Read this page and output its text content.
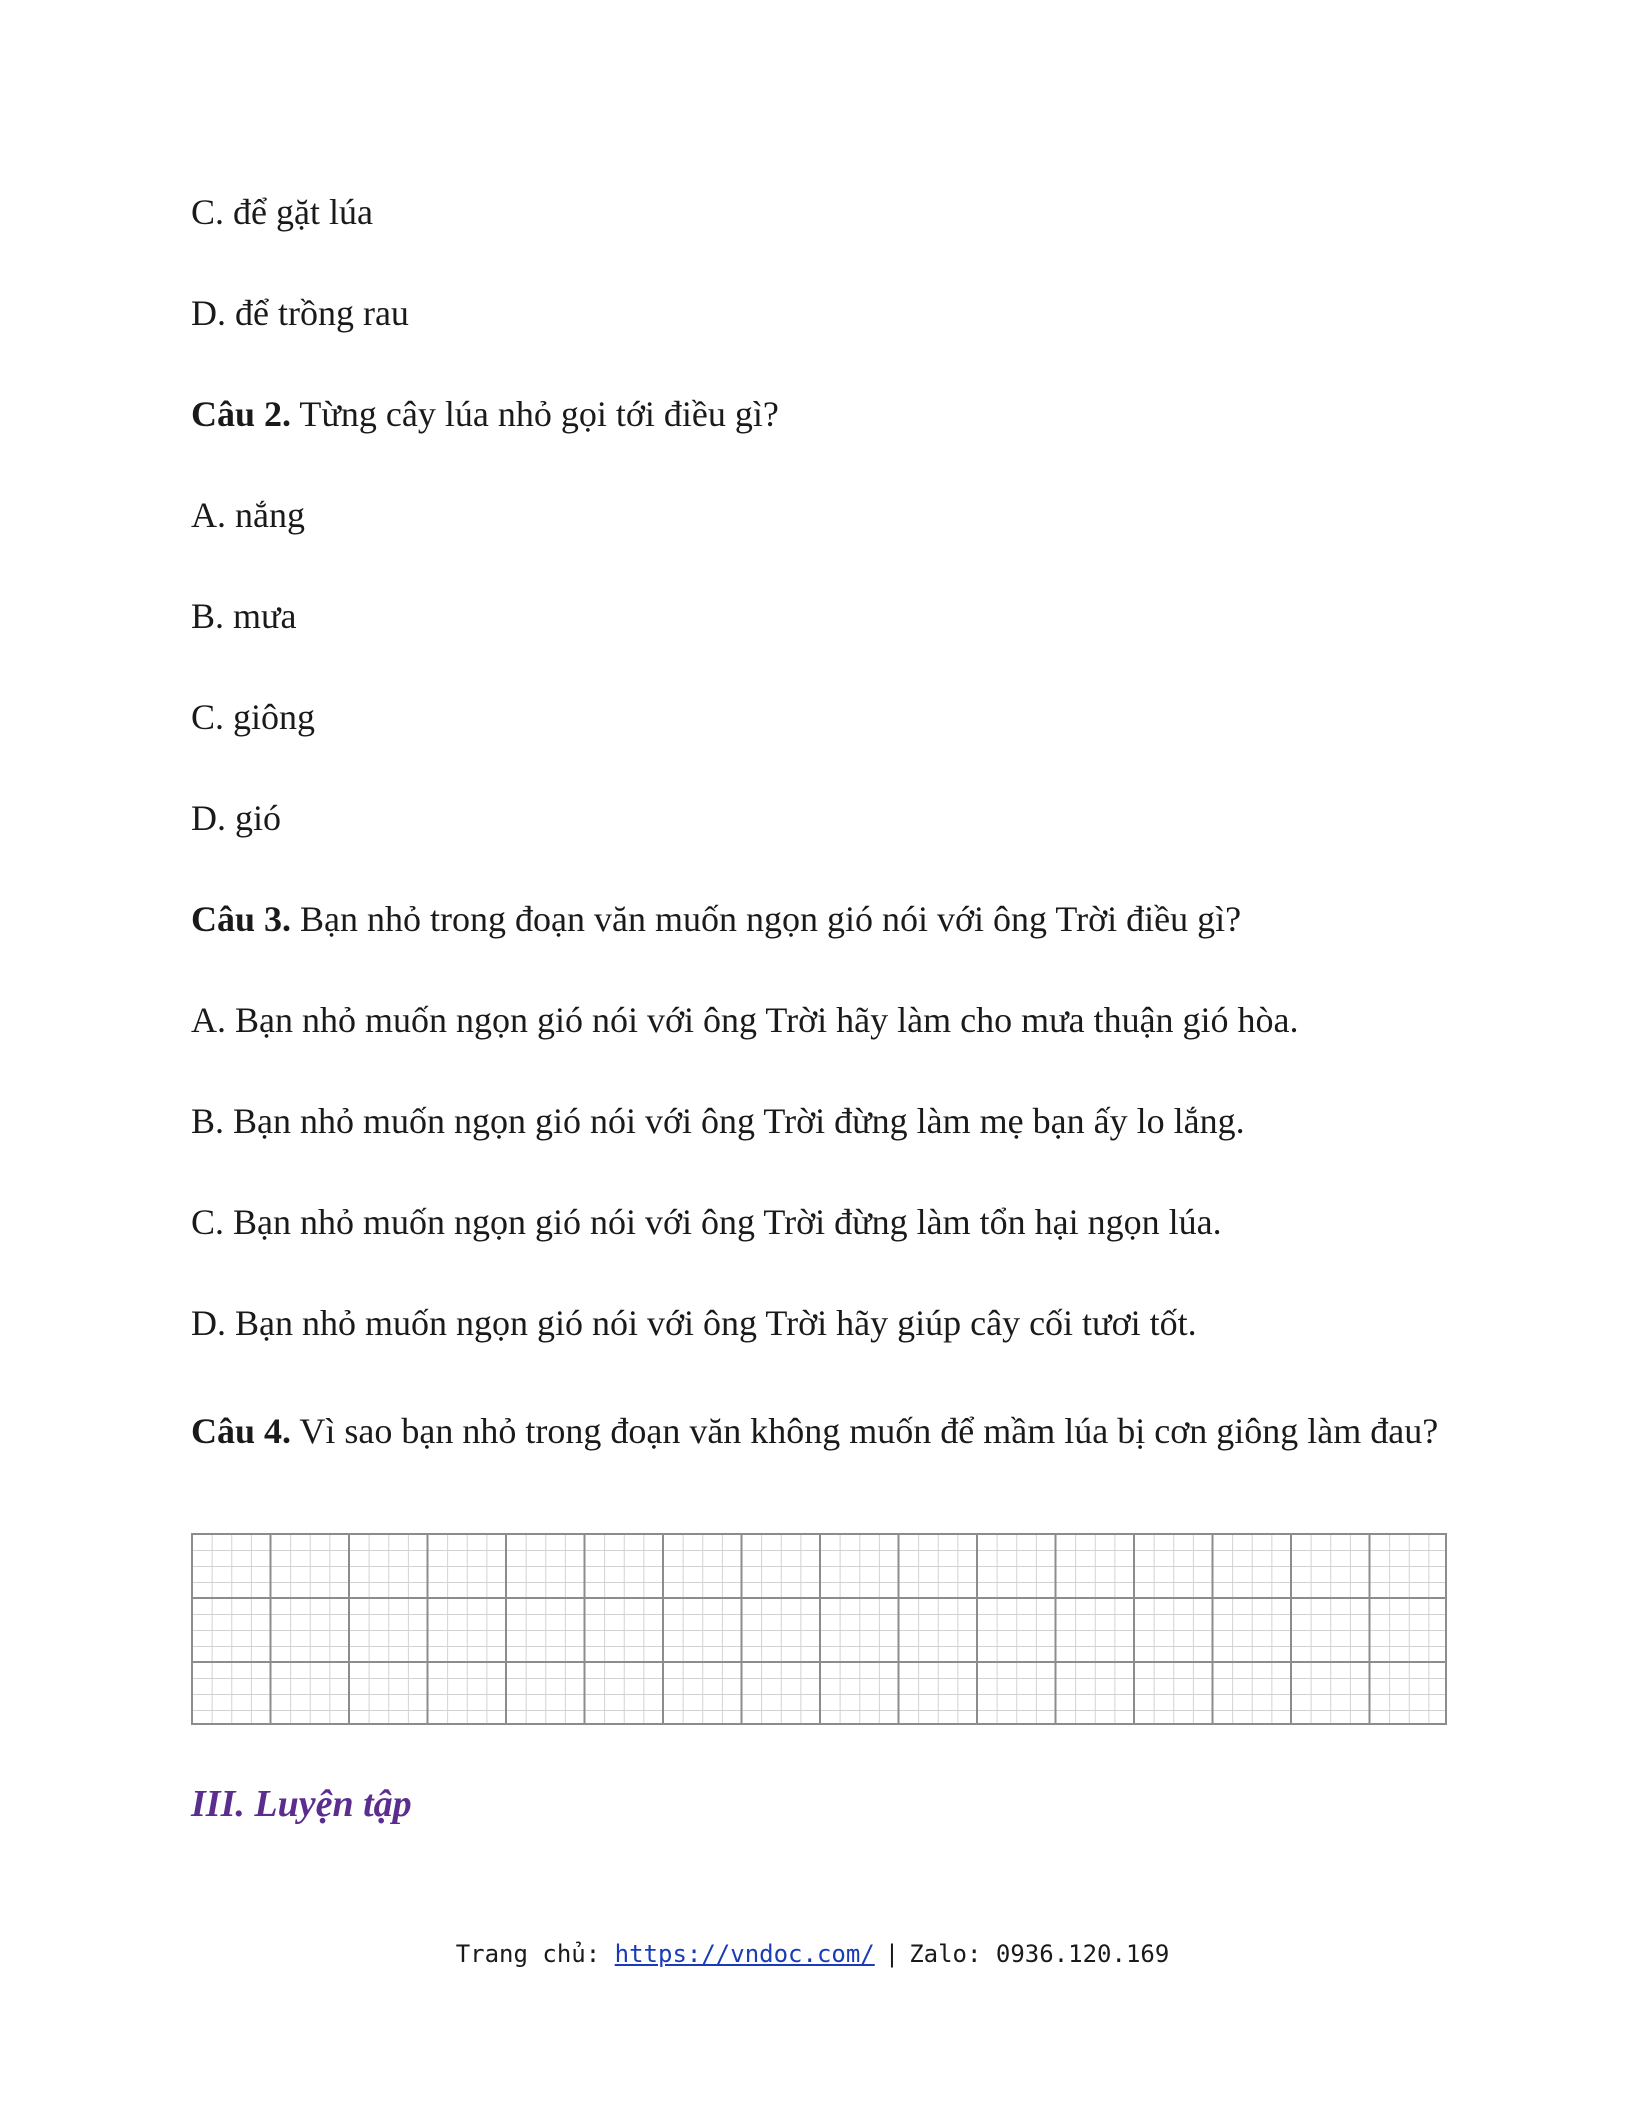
C. để gặt lúa
D. để trồng rau
Câu 2. Từng cây lúa nhỏ gọi tới điều gì?
A. nắng
B. mưa
C. giông
D. gió
Câu 3. Bạn nhỏ trong đoạn văn muốn ngọn gió nói với ông Trời điều gì?
A. Bạn nhỏ muốn ngọn gió nói với ông Trời hãy làm cho mưa thuận gió hòa.
B. Bạn nhỏ muốn ngọn gió nói với ông Trời đừng làm mẹ bạn ấy lo lắng.
C. Bạn nhỏ muốn ngọn gió nói với ông Trời đừng làm tổn hại ngọn lúa.
D. Bạn nhỏ muốn ngọn gió nói với ông Trời hãy giúp cây cối tươi tốt.
Câu 4. Vì sao bạn nhỏ trong đoạn văn không muốn để mầm lúa bị cơn giông làm đau?
III. Luyện tập
Trang chủ: https://vndoc.com/ | Zalo: 0936.120.169
